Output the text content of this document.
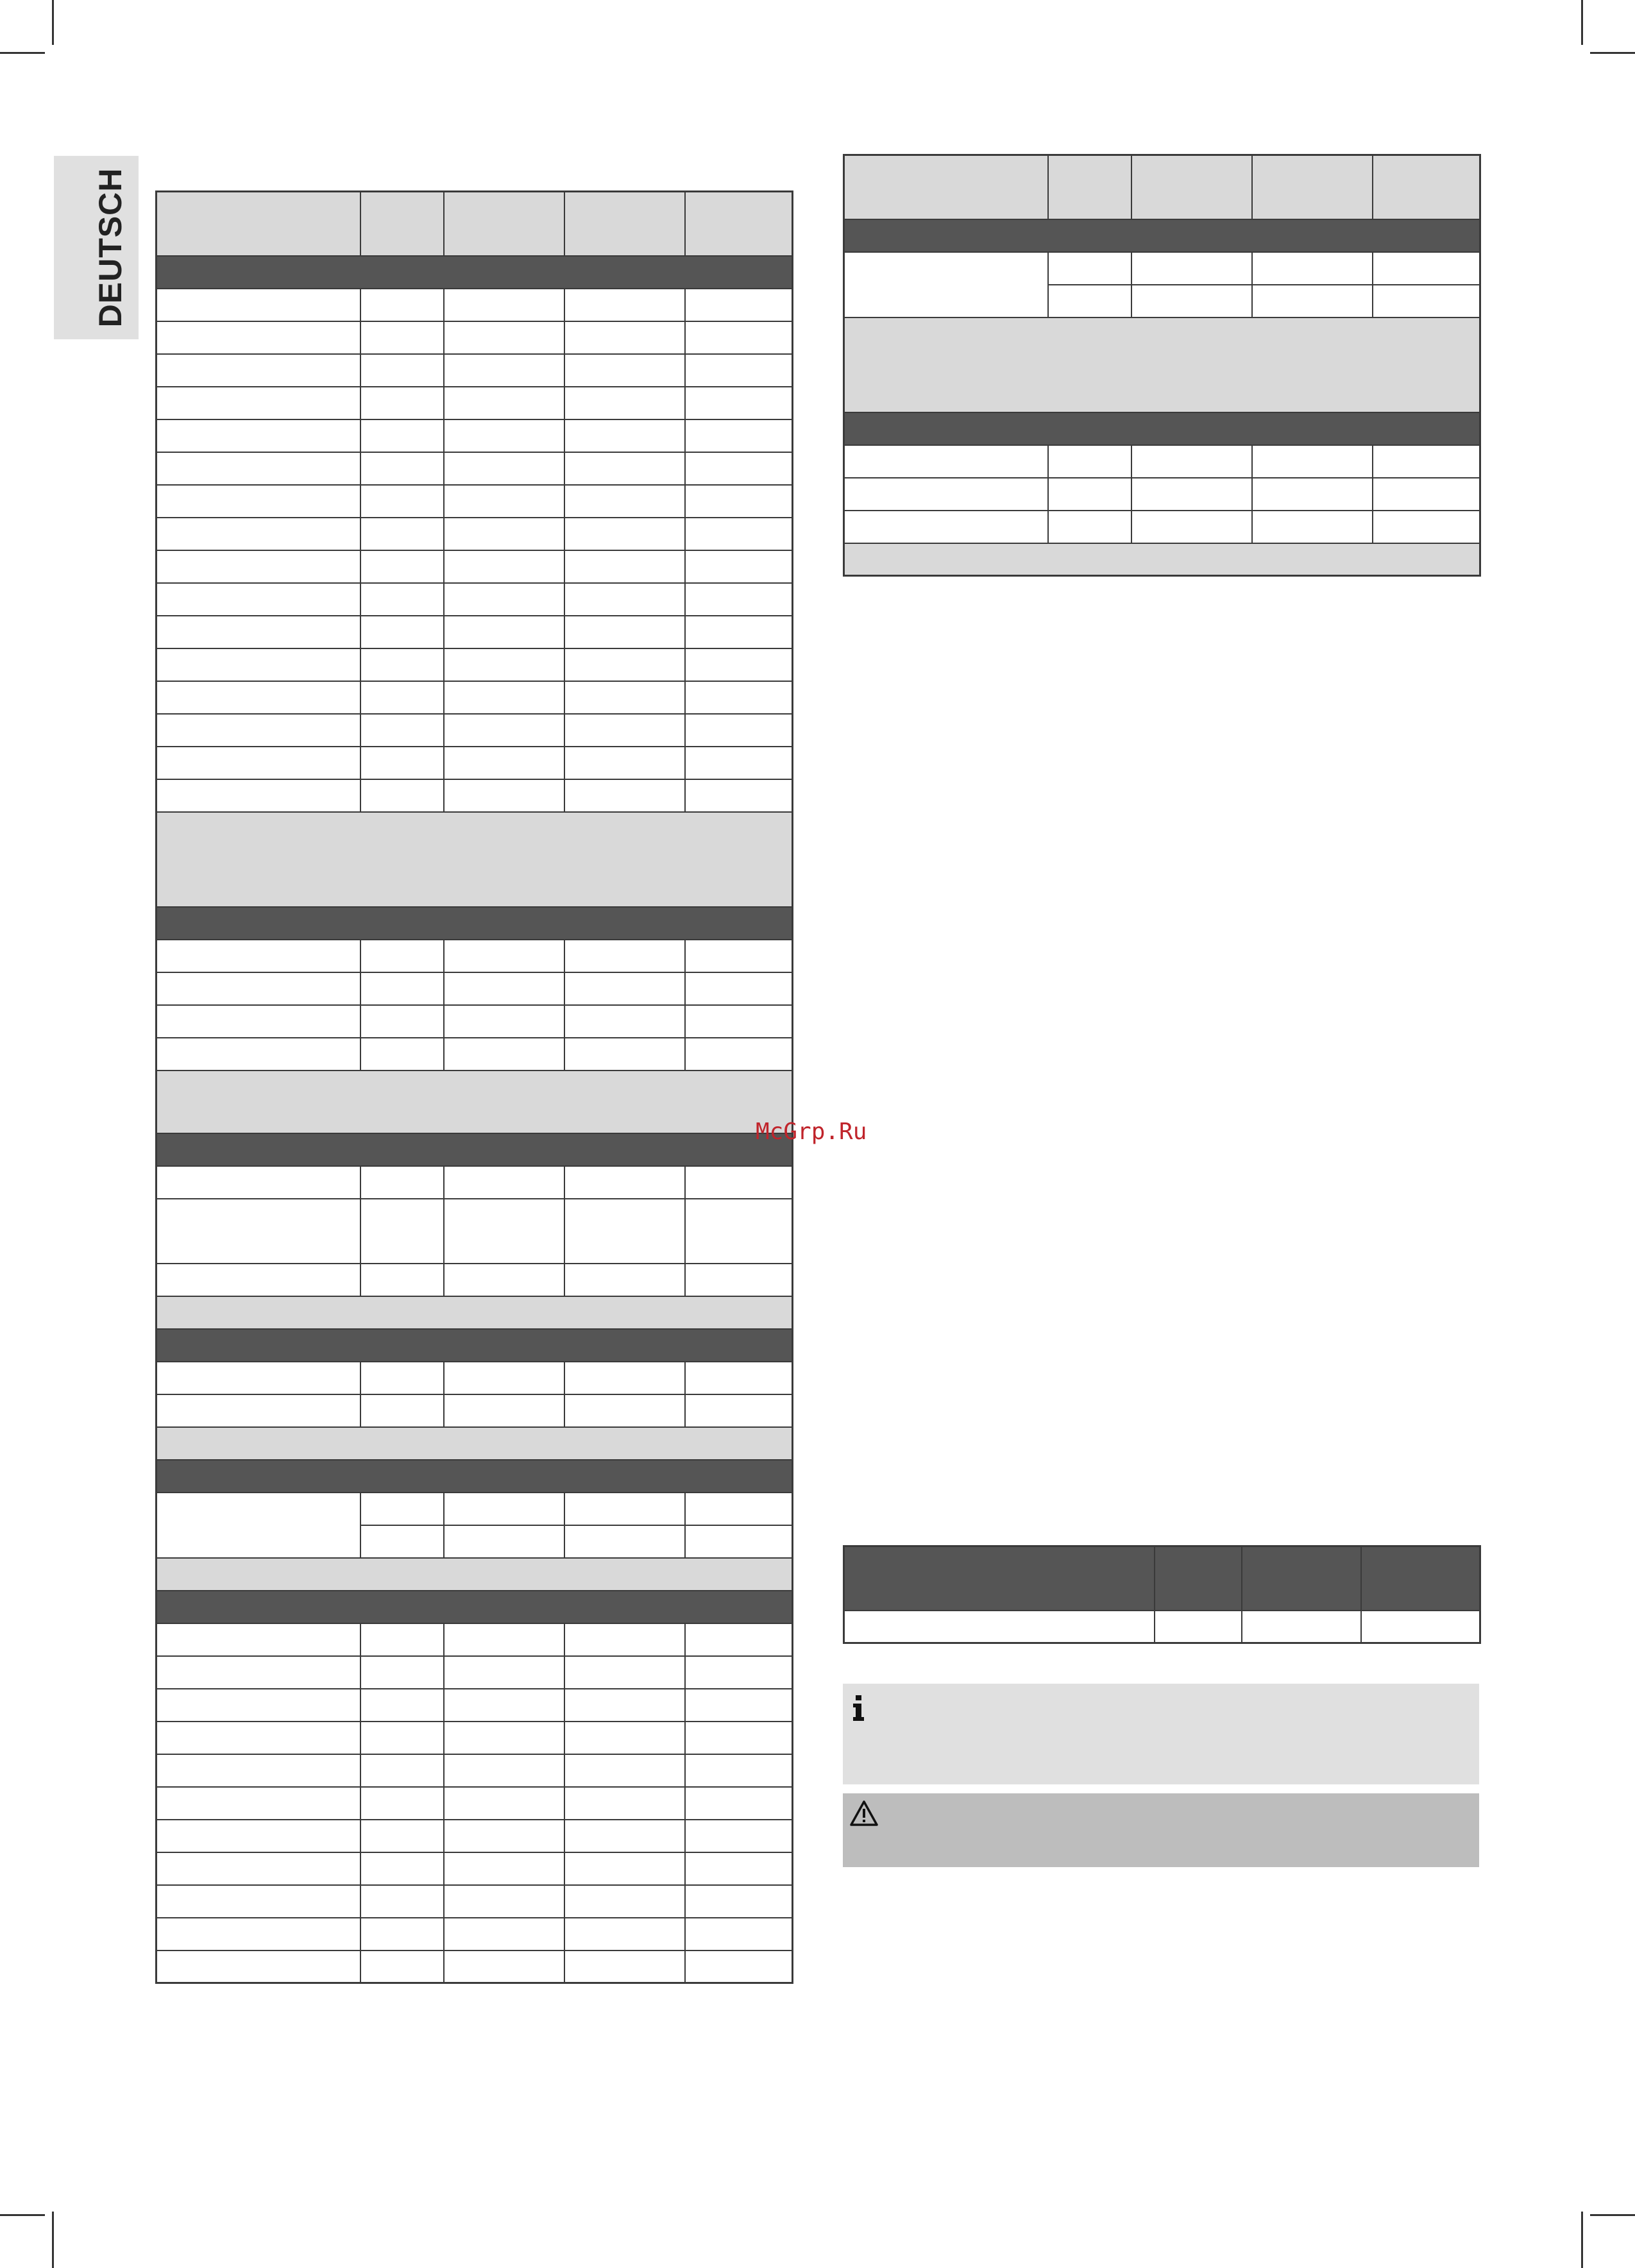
DEUTSCH

McGrp.Ru
